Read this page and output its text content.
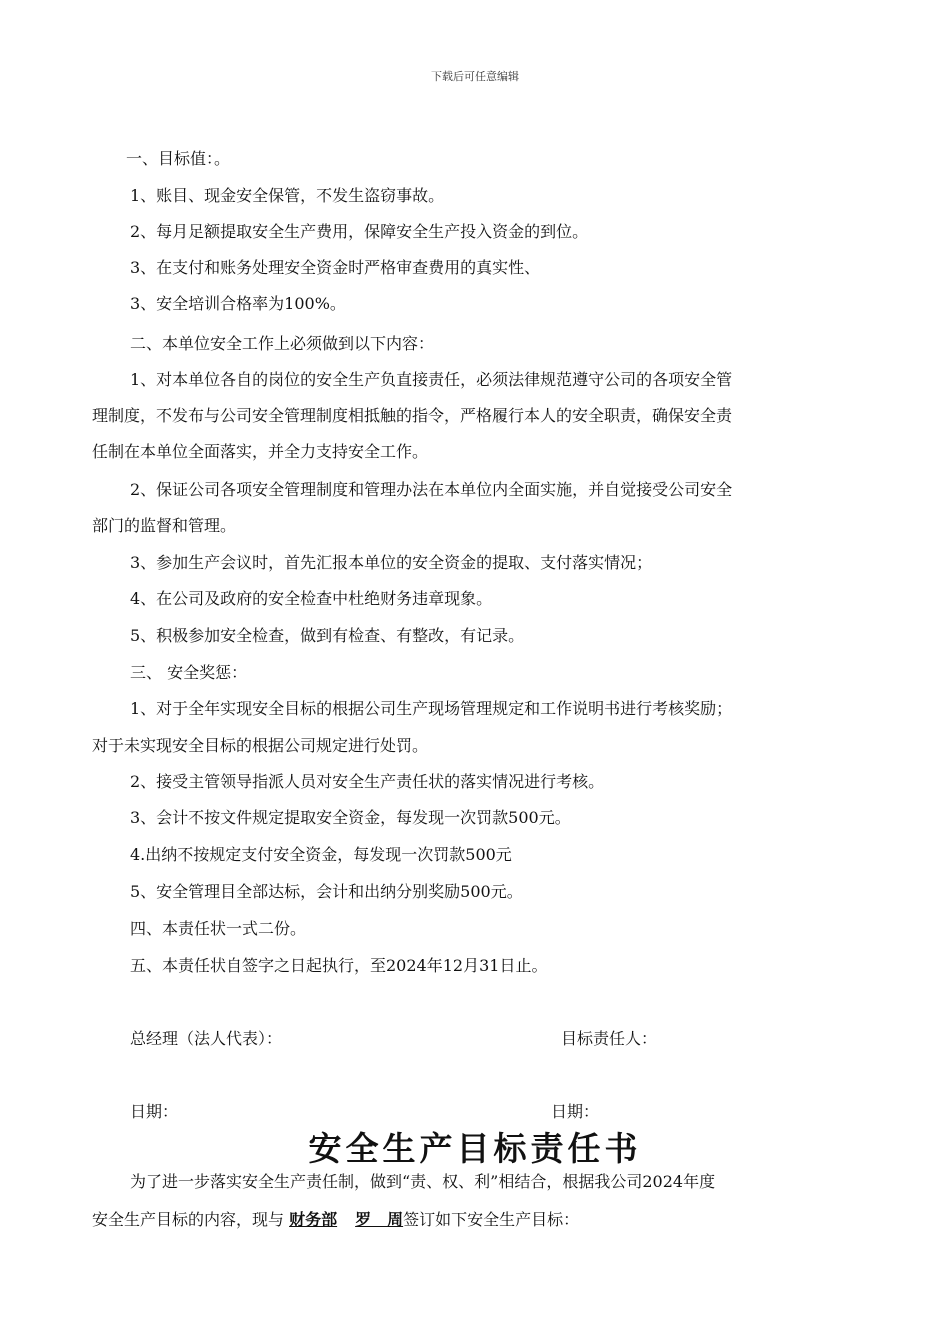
下载后可任意编辑
一、目标值：。
1、账目、现金安全保管，不发生盗窃事故。
2、每月足额提取安全生产费用，保障安全生产投入资金的到位。
3、在支付和账务处理安全资金时严格审查费用的真实性、
3、安全培训合格率为100%。
二、本单位安全工作上必须做到以下内容：
1、对本单位各自的岗位的安全生产负直接责任，必须法律规范遵守公司的各项安全管
理制度，不发布与公司安全管理制度相抵触的指令，严格履行本人的安全职责，确保安全责
任制在本单位全面落实，并全力支持安全工作。
2、保证公司各项安全管理制度和管理办法在本单位内全面实施，并自觉接受公司安全
部门的监督和管理。
3、参加生产会议时，首先汇报本单位的安全资金的提取、支付落实情况；
4、在公司及政府的安全检查中杜绝财务违章现象。
5、积极参加安全检查，做到有检查、有整改，有记录。
三、 安全奖惩：
1、对于全年实现安全目标的根据公司生产现场管理规定和工作说明书进行考核奖励；
对于未实现安全目标的根据公司规定进行处罚。
2、接受主管领导指派人员对安全生产责任状的落实情况进行考核。
3、会计不按文件规定提取安全资金，每发现一次罚款500元。
4.出纳不按规定支付安全资金，每发现一次罚款500元
5、安全管理目全部达标，会计和出纳分别奖励500元。
四、本责任状一式二份。
五、本责任状自签字之日起执行，至2024年12月31日止。
总经理（法人代表）：	目标责任人：
日期：	日期：
安全生产目标责任书
为了进一步落实安全生产责任制，做到“责、权、利”相结合，根据我公司2024年度
安全生产目标的内容，现与 财务部 罗　周签订如下安全生产目标：
